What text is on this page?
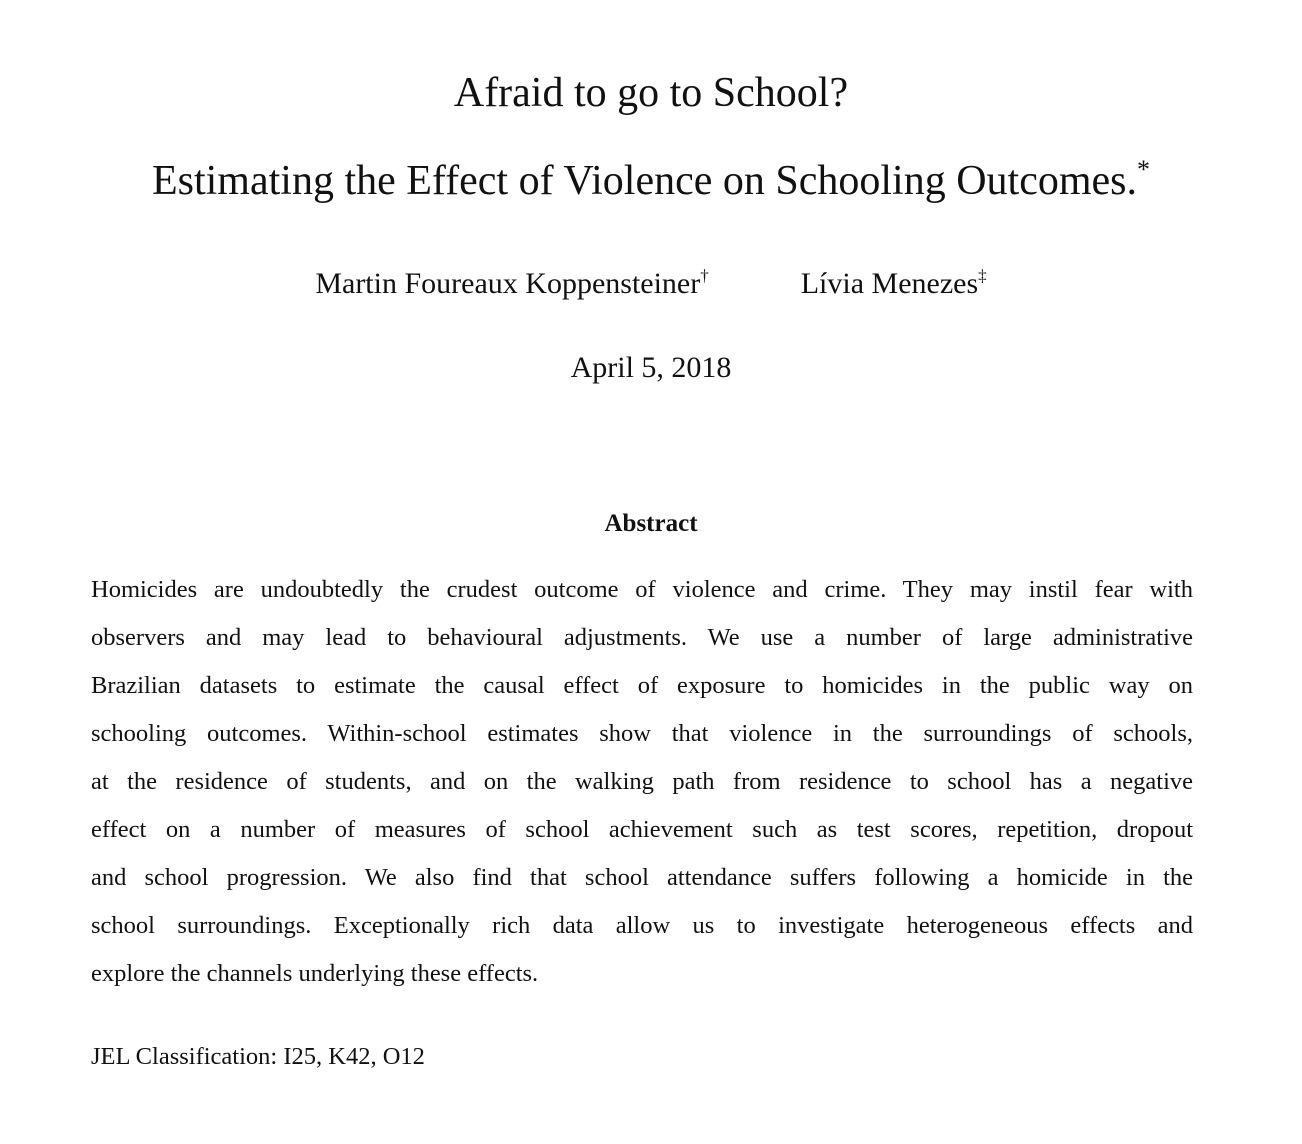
Afraid to go to School?
Estimating the Effect of Violence on Schooling Outcomes.*
Martin Foureaux Koppensteiner†	Lívia Menezes‡
April 5, 2018
Abstract
Homicides are undoubtedly the crudest outcome of violence and crime. They may instil fear with
observers and may lead to behavioural adjustments. We use a number of large administrative
Brazilian datasets to estimate the causal effect of exposure to homicides in the public way on
schooling outcomes. Within-school estimates show that violence in the surroundings of schools,
at the residence of students, and on the walking path from residence to school has a negative
effect on a number of measures of school achievement such as test scores, repetition, dropout
and school progression. We also find that school attendance suffers following a homicide in the
school surroundings. Exceptionally rich data allow us to investigate heterogeneous effects and
explore the channels underlying these effects.
JEL Classification: I25, K42, O12
